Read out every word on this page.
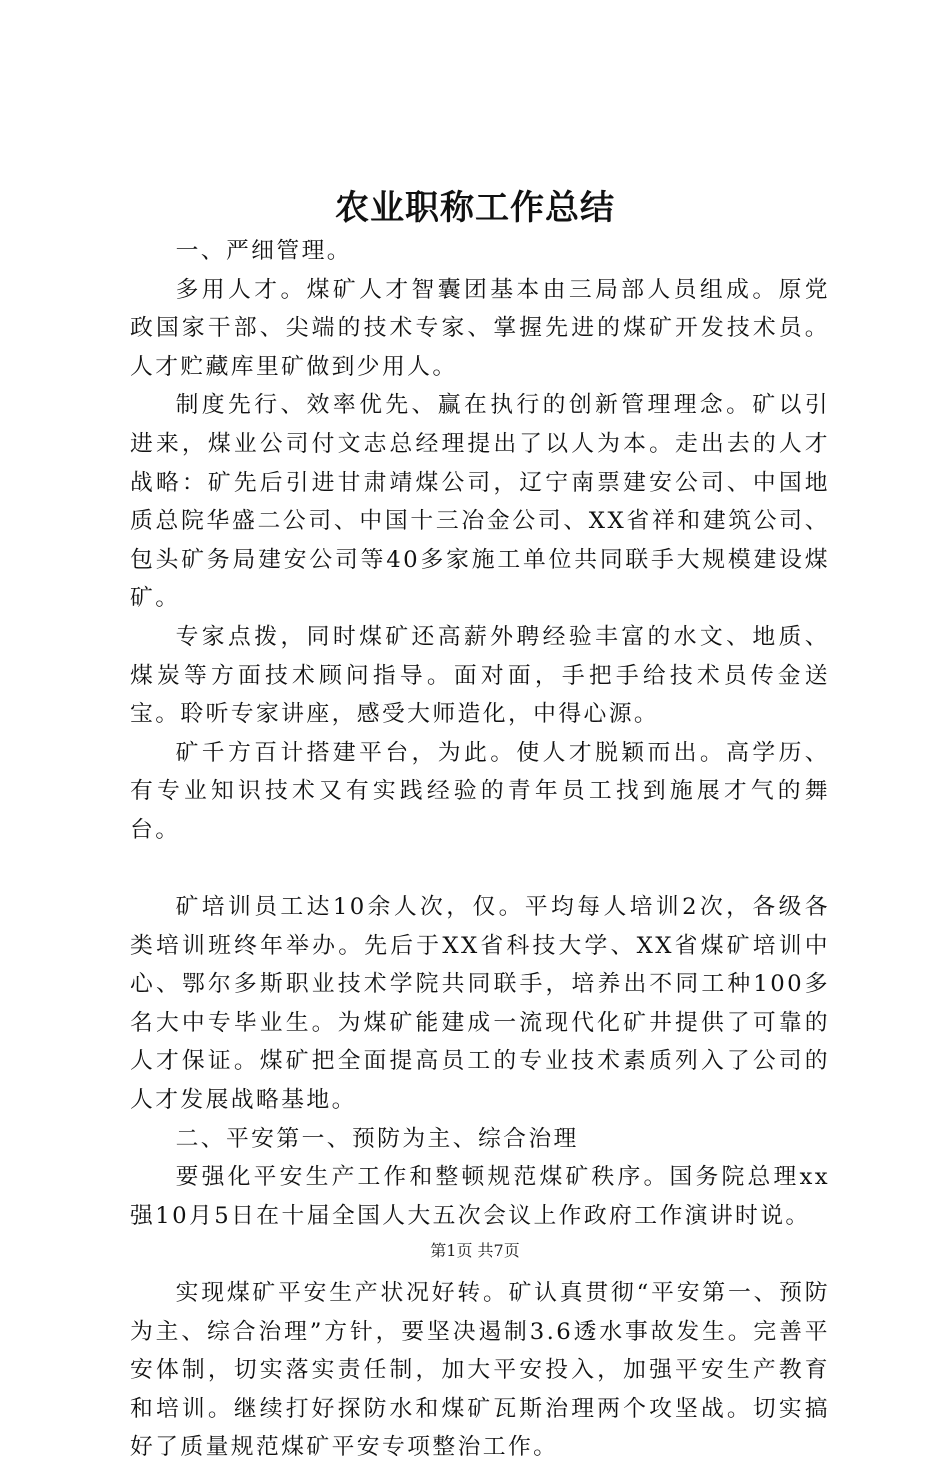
农业职称工作总结

一、严细管理。

多用人才。煤矿人才智囊团基本由三局部人员组成。原党政国家干部、尖端的技术专家、掌握先进的煤矿开发技术员。人才贮藏库里矿做到少用人。

制度先行、效率优先、赢在执行的创新管理理念。矿以引进来，煤业公司付文志总经理提出了以人为本。走出去的人才战略：矿先后引进甘肃靖煤公司，辽宁南票建安公司、中国地质总院华盛二公司、中国十三冶金公司、XX省祥和建筑公司、包头矿务局建安公司等40多家施工单位共同联手大规模建设煤矿。

专家点拨，同时煤矿还高薪外聘经验丰富的水文、地质、煤炭等方面技术顾问指导。面对面，手把手给技术员传金送宝。聆听专家讲座，感受大师造化，中得心源。

矿千方百计搭建平台，为此。使人才脱颖而出。高学历、有专业知识技术又有实践经验的青年员工找到施展才气的舞台。

矿培训员工达10余人次，仅。平均每人培训2次，各级各类培训班终年举办。先后于XX省科技大学、XX省煤矿培训中心、鄂尔多斯职业技术学院共同联手，培养出不同工种100多名大中专毕业生。为煤矿能建成一流现代化矿井提供了可靠的人才保证。煤矿把全面提高员工的专业技术素质列入了公司的人才发展战略基地。

二、平安第一、预防为主、综合治理

要强化平安生产工作和整顿规范煤矿秩序。国务院总理xx强10月5日在十届全国人大五次会议上作政府工作演讲时说。

实现煤矿平安生产状况好转。矿认真贯彻“平安第一、预防为主、综合治理”方针，要坚决遏制3.6透水事故发生。完善平安体制，切实落实责任制，加大平安投入，加强平安生产教育和培训。继续打好探防水和煤矿瓦斯治理两个攻坚战。切实搞好了质量规范煤矿平安专项整治工作。

第1页 共7页
